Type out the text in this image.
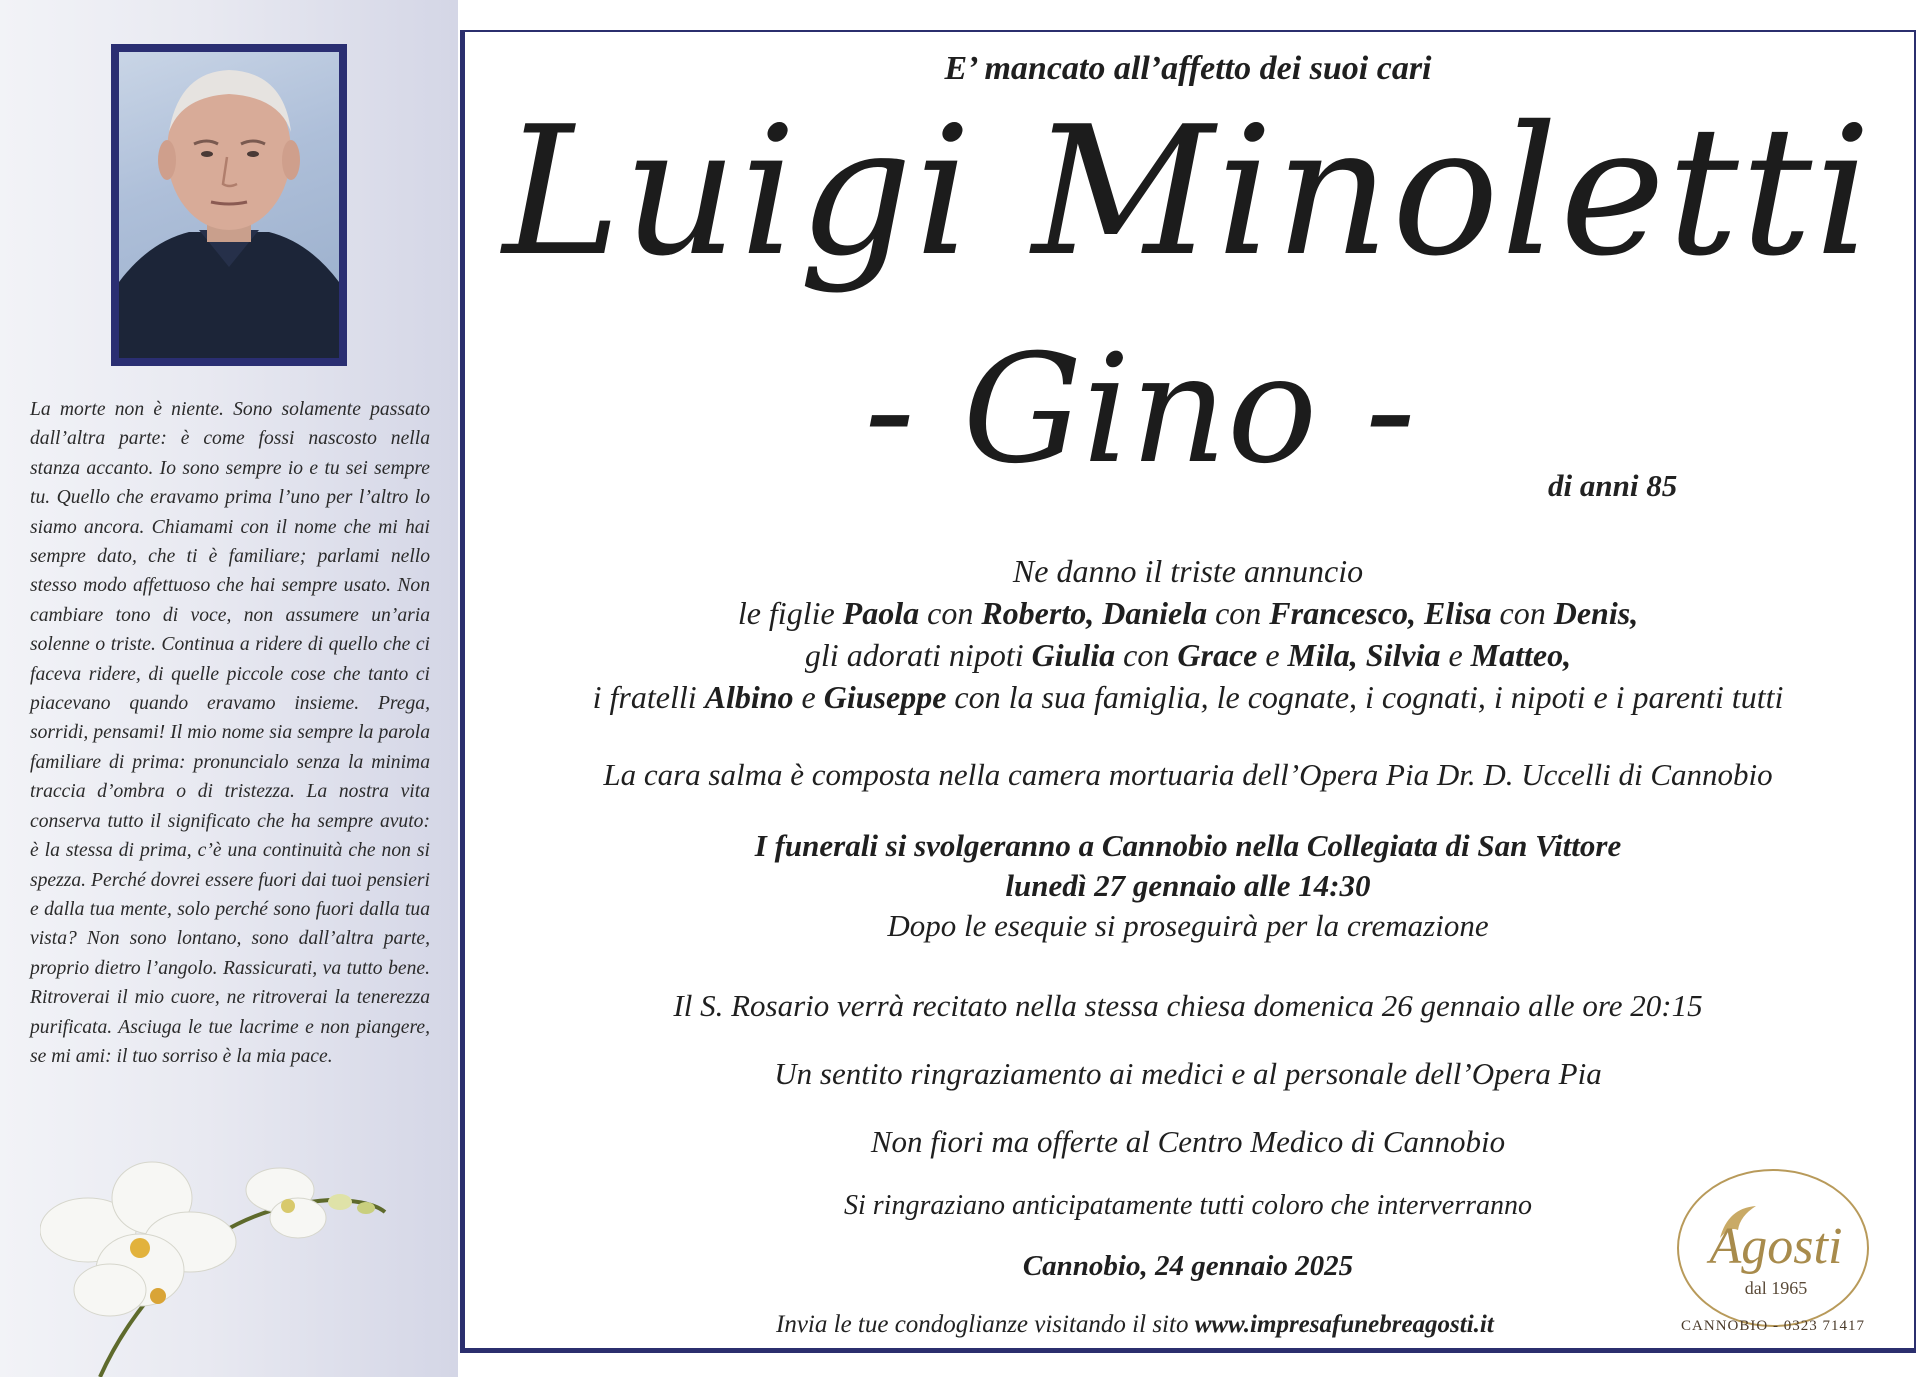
La morte non è niente. Sono solamente passato dall’altra parte: è come fossi nascosto nella stanza accanto. Io sono sempre io e tu sei sempre tu. Quello che eravamo prima l’uno per l’altro lo siamo ancora. Chiamami con il nome che mi hai sempre dato, che ti è familiare; parlami nello stesso modo affettuoso che hai sempre usato. Non cambiare tono di voce, non assumere un’aria solenne o triste. Continua a ridere di quello che ci faceva ridere, di quelle piccole cose che tanto ci piacevano quando eravamo insieme. Prega, sorridi, pensami! Il mio nome sia sempre la parola familiare di prima: pronuncialo senza la minima traccia d’ombra o di tristezza. La nostra vita conserva tutto il significato che ha sempre avuto: è la stessa di prima, c’è una continuità che non si spezza. Perché dovrei essere fuori dai tuoi pensieri e dalla tua mente, solo perché sono fuori dalla tua vista? Non sono lontano, sono dall’altra parte, proprio dietro l’angolo. Rassicurati, va tutto bene. Ritroverai il mio cuore, ne ritroverai la tenerezza purificata. Asciuga le tue lacrime e non piangere, se mi ami: il tuo sorriso è la mia pace.

E’ mancato all’affetto dei suoi cari

Luigi Minoletti

- Gino -	di anni 85

Ne danno il triste annuncio
le figlie Paola con Roberto, Daniela con Francesco, Elisa con Denis,
gli adorati nipoti Giulia con Grace e Mila, Silvia e Matteo,
i fratelli Albino e Giuseppe con la sua famiglia, le cognate, i cognati, i nipoti e i parenti tutti

La cara salma è composta nella camera mortuaria dell’Opera Pia Dr. D. Uccelli di Cannobio

I funerali si svolgeranno a Cannobio nella Collegiata di San Vittore
lunedì 27 gennaio alle 14:30
Dopo le esequie si proseguirà per la cremazione

Il S. Rosario verrà recitato nella stessa chiesa domenica 26 gennaio alle ore 20:15

Un sentito ringraziamento ai medici e al personale dell’Opera Pia

Non fiori ma offerte al Centro Medico di Cannobio

Si ringraziano anticipatamente tutti coloro che interverranno

Cannobio, 24 gennaio 2025

Invia le tue condoglianze visitando il sito www.impresafunebreagosti.it

Agosti
dal 1965

CANNOBIO - 0323 71417
